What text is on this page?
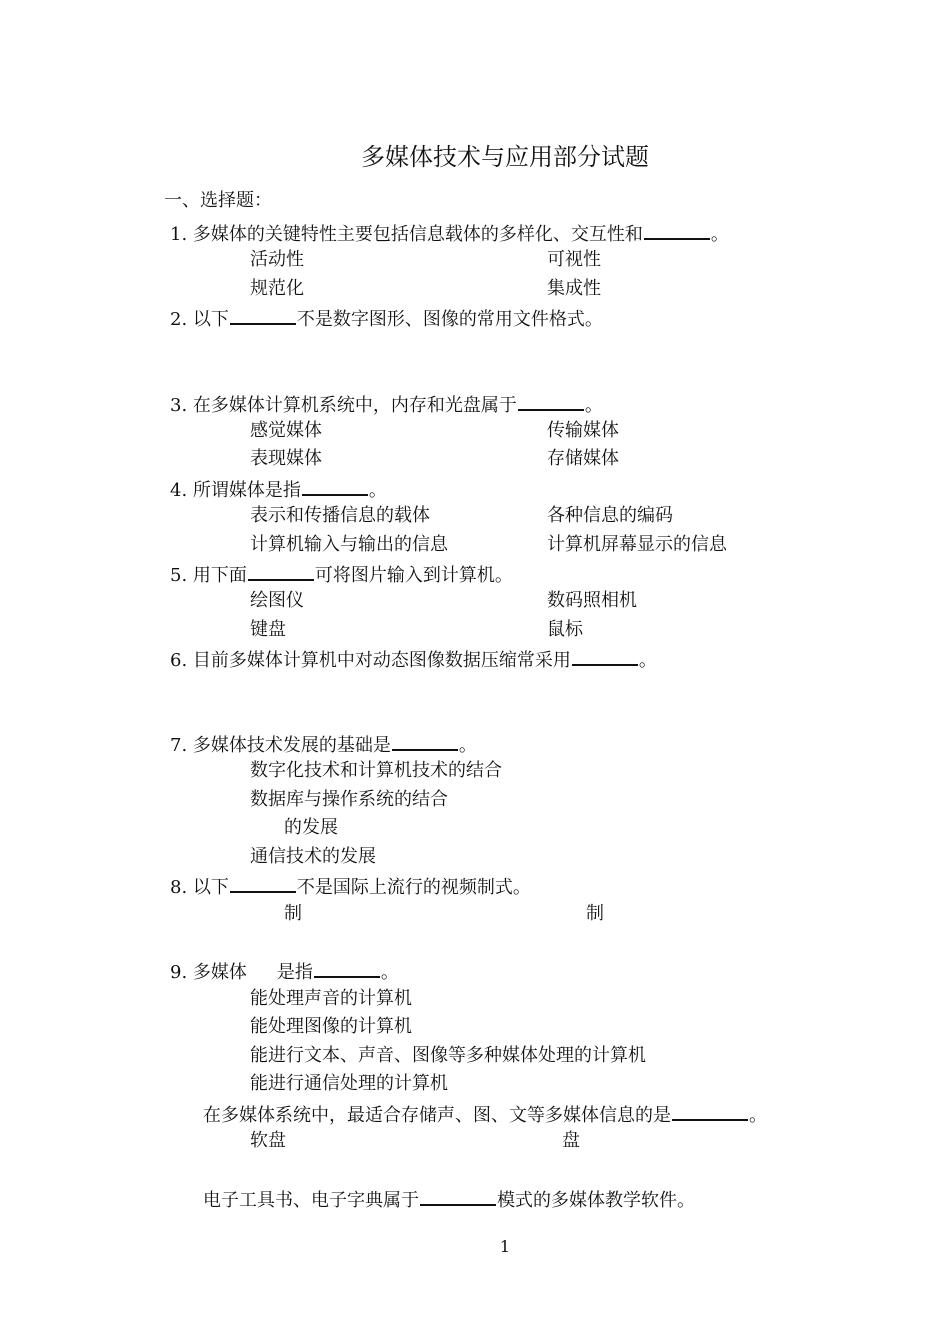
多媒体技术与应用部分试题
一、选择题：
1. 多媒体的关键特性主要包括信息载体的多样化、交互性和	。
活动性	可视性
规范化	集成性
2. 以下	不是数字图形、图像的常用文件格式。
3. 在多媒体计算机系统中，内存和光盘属于	。
感觉媒体	传输媒体
表现媒体	存储媒体
4. 所谓媒体是指	。
表示和传播信息的载体	各种信息的编码
计算机输入与输出的信息	计算机屏幕显示的信息
5. 用下面	可将图片输入到计算机。
绘图仪	数码照相机
键盘	鼠标
6. 目前多媒体计算机中对动态图像数据压缩常采用	。
7. 多媒体技术发展的基础是	。
数字化技术和计算机技术的结合
数据库与操作系统的结合
的发展
通信技术的发展
8. 以下	不是国际上流行的视频制式。
制	制
9. 多媒体 是指	。
能处理声音的计算机
能处理图像的计算机
能进行文本、声音、图像等多种媒体处理的计算机
能进行通信处理的计算机
在多媒体系统中，最适合存储声、图、文等多媒体信息的是	。
软盘	盘
电子工具书、电子字典属于	模式的多媒体教学软件。
1
